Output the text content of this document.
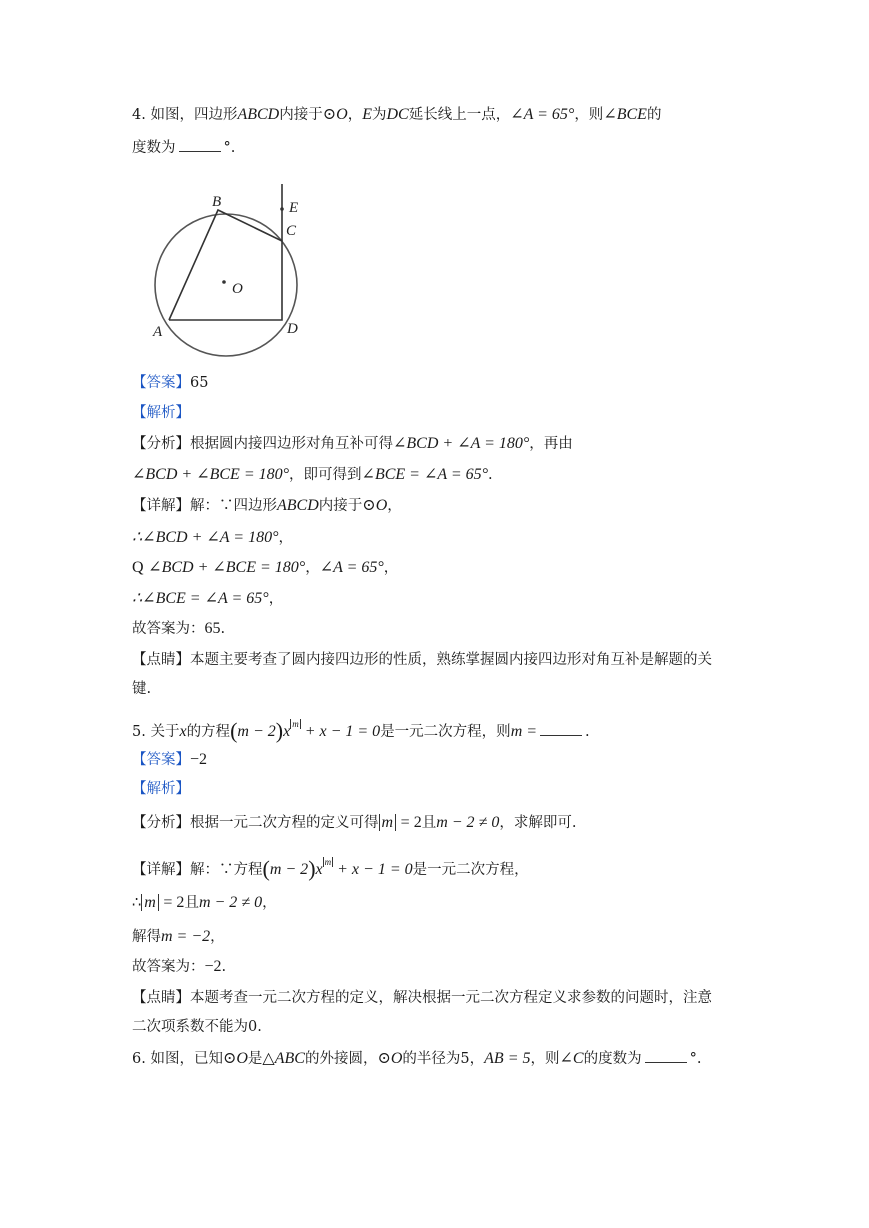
4. 如图，四边形ABCD内接于⊙O，E为DC延长线上一点，∠A = 65°，则∠BCE的
度数为	°.
A
B
C
D
E
O
【答案】65
【解析】
【分析】根据圆内接四边形对角互补可得∠BCD + ∠A = 180°，再由
∠BCD + ∠BCE = 180°，即可得到∠BCE = ∠A = 65°.
【详解】解：∵四边形ABCD内接于⊙O，
∴∠BCD + ∠A = 180°，
Q ∠BCD + ∠BCE = 180°，∠A = 65°，
∴∠BCE = ∠A = 65°，
故答案为：65.
【点睛】本题主要考查了圆内接四边形的性质，熟练掌握圆内接四边形对角互补是解题的关
键.
5. 关于x的方程(m − 2)x $^m$ + x − 1 = 0是一元二次方程，则m =	.
【答案】−2
【解析】
【分析】根据一元二次方程的定义可得 m = 2且m − 2 ≠ 0，求解即可.
【详解】解：∵方程(m − 2)x $^m$ + x − 1 = 0是一元二次方程，
∴ m = 2且m − 2 ≠ 0，
解得m = −2，
故答案为：−2.
【点睛】本题考查一元二次方程的定义，解决根据一元二次方程定义求参数的问题时，注意
二次项系数不能为0.
6. 如图，已知⊙O是△ABC的外接圆，⊙O的半径为5，AB = 5，则∠C的度数为	°.
